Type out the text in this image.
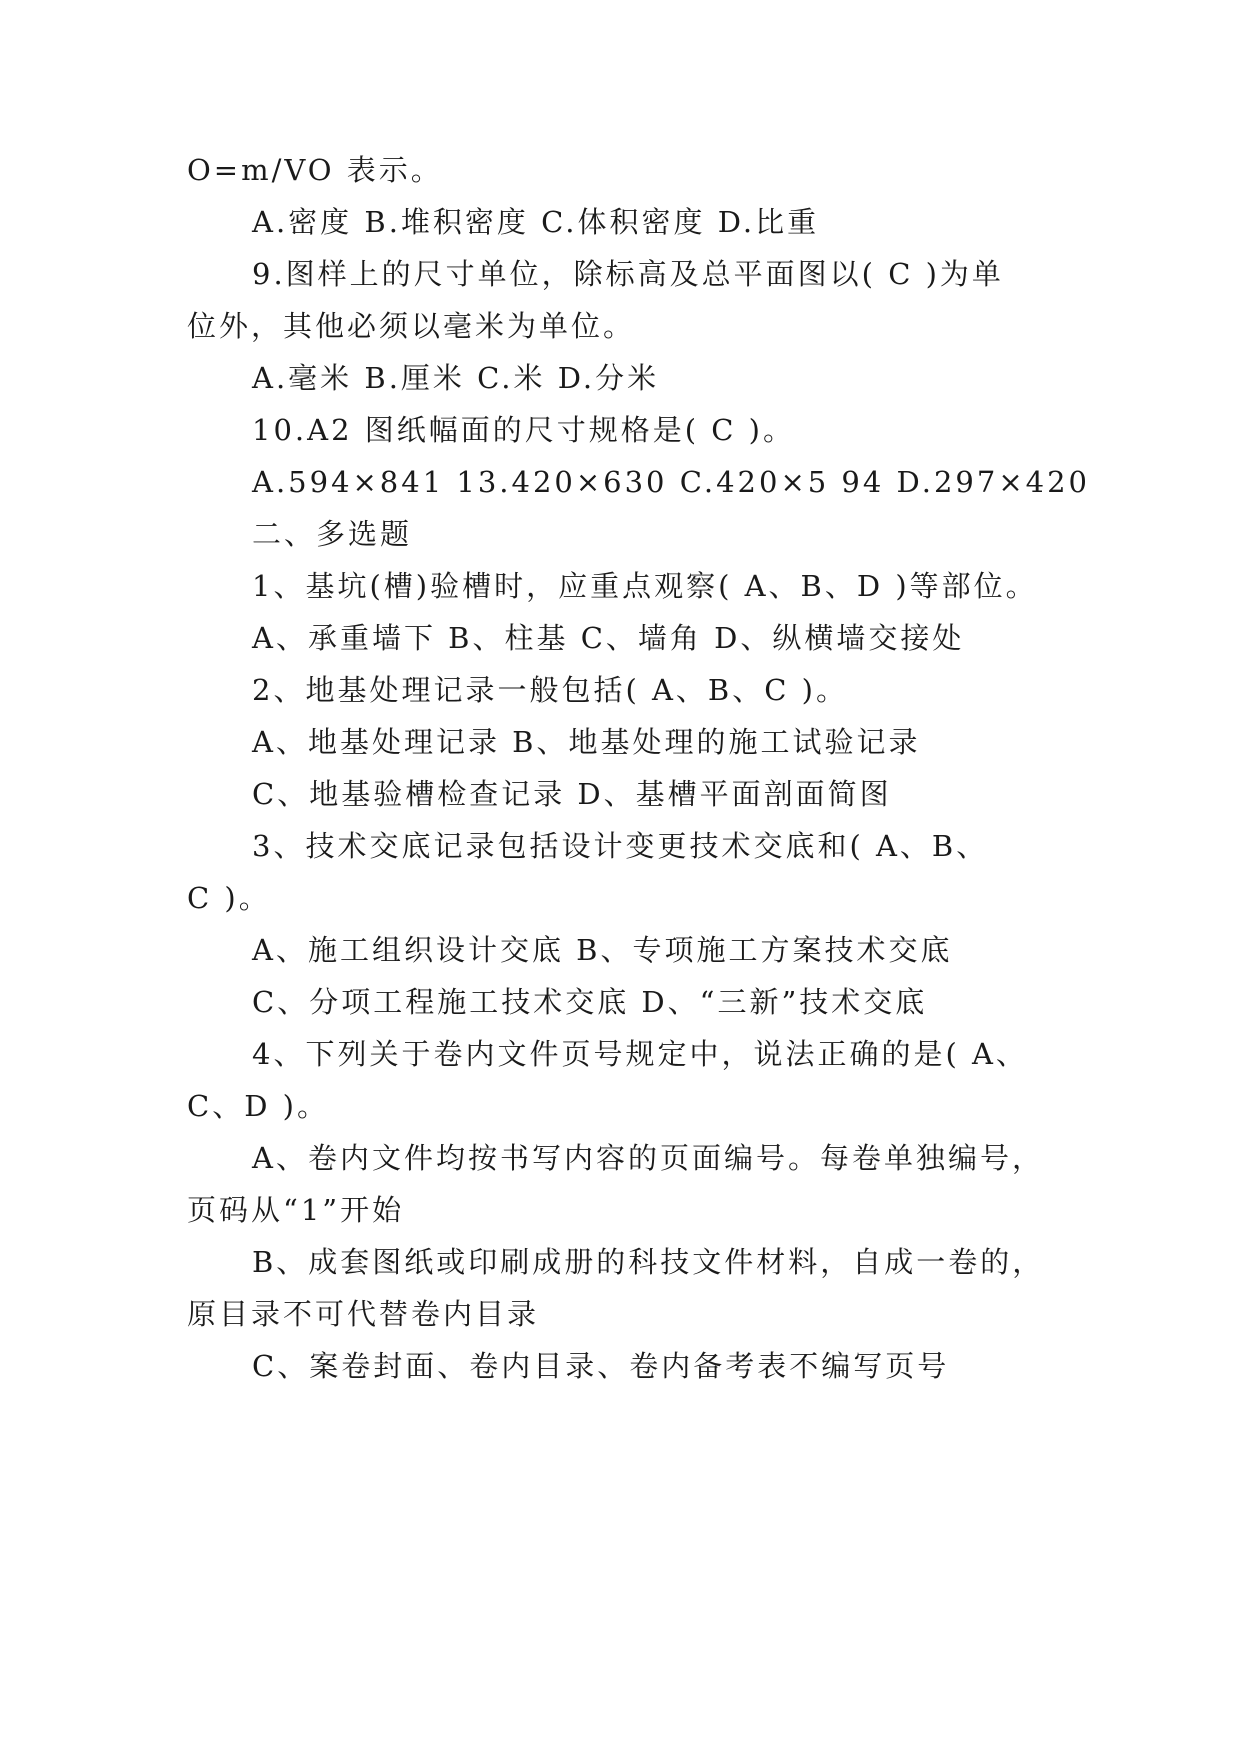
O=m/VO 表示。
A.密度 B.堆积密度 C.体积密度 D.比重
9.图样上的尺寸单位，除标高及总平面图以( C )为单
位外，其他必须以毫米为单位。
A.毫米 B.厘米 C.米 D.分米
10.A2 图纸幅面的尺寸规格是( C )。
A.594×841 13.420×630 C.420×5 94 D.297×420
二、多选题
1、基坑(槽)验槽时，应重点观察( A、B、D )等部位。
A、承重墙下 B、柱基 C、墙角 D、纵横墙交接处
2、地基处理记录一般包括( A、B、C )。
A、地基处理记录 B、地基处理的施工试验记录
C、地基验槽检查记录 D、基槽平面剖面简图
3、技术交底记录包括设计变更技术交底和( A、B、
C )。
A、施工组织设计交底 B、专项施工方案技术交底
C、分项工程施工技术交底 D、“三新”技术交底
4、下列关于卷内文件页号规定中，说法正确的是( A、
C、D )。
A、卷内文件均按书写内容的页面编号。每卷单独编号，
页码从“1”开始
B、成套图纸或印刷成册的科技文件材料，自成一卷的，
原目录不可代替卷内目录
C、案卷封面、卷内目录、卷内备考表不编写页号
